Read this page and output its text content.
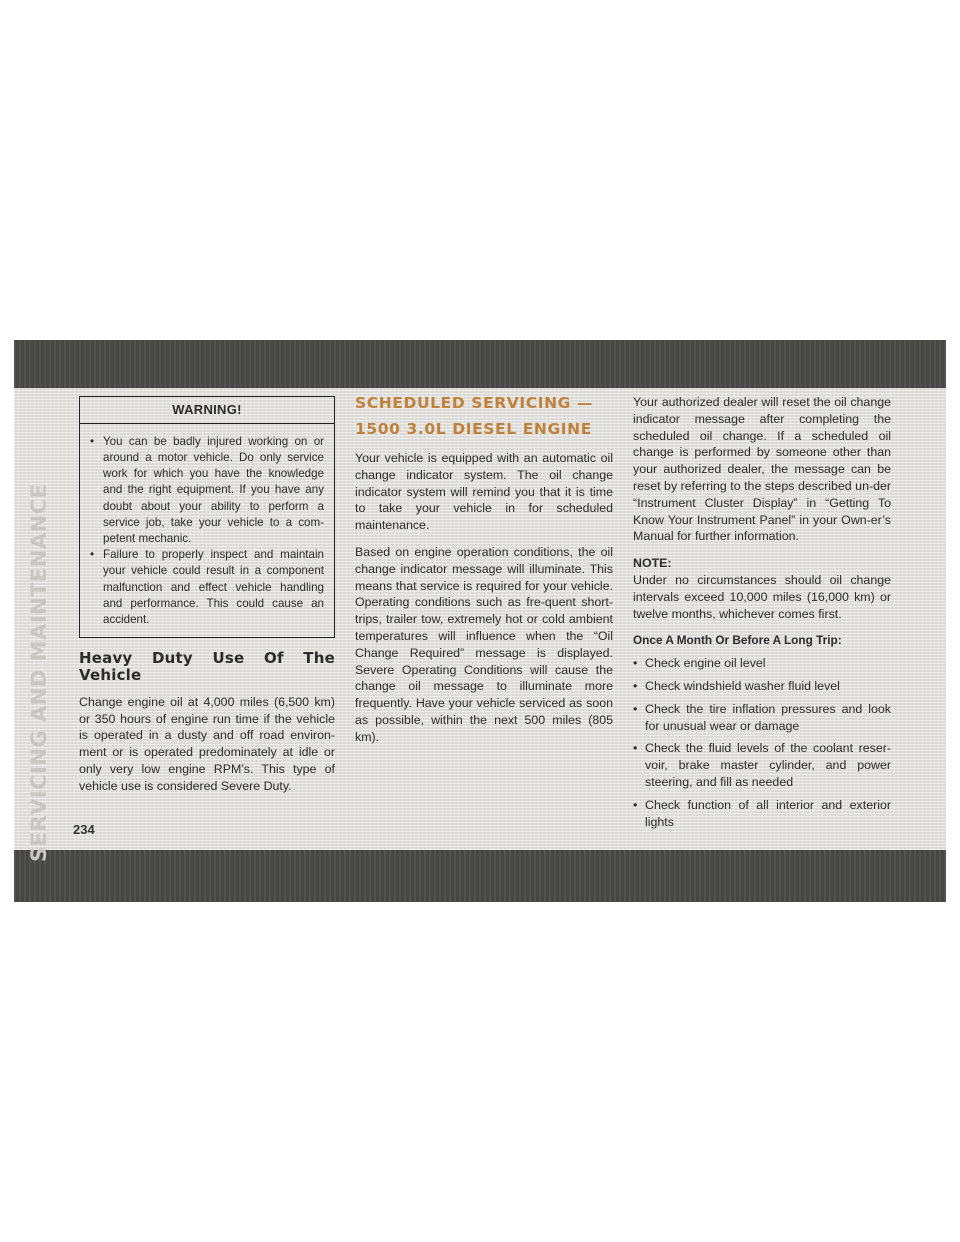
SERVICING AND MAINTENANCE	234
WARNING!
• You can be badly injured working on or around a motor vehicle. Do only service work for which you have the knowledge and the right equipment. If you have any doubt about your ability to perform a service job, take your vehicle to a com-petent mechanic.
• Failure to properly inspect and maintain your vehicle could result in a component malfunction and effect vehicle handling and performance. This could cause an accident.
Heavy Duty Use Of The Vehicle

Change engine oil at 4,000 miles (6,500 km) or 350 hours of engine run time if the vehicle is operated in a dusty and off road environ-ment or is operated predominately at idle or only very low engine RPM’s. This type of vehicle use is considered Severe Duty.

SCHEDULED SERVICING — 1500 3.0L DIESEL ENGINE

Your vehicle is equipped with an automatic oil change indicator system. The oil change indicator system will remind you that it is time to take your vehicle in for scheduled maintenance.

Based on engine operation conditions, the oil change indicator message will illuminate. This means that service is required for your vehicle. Operating conditions such as fre-quent short-trips, trailer tow, extremely hot or cold ambient temperatures will influence when the “Oil Change Required” message is displayed. Severe Operating Conditions will cause the change oil message to illuminate more frequently. Have your vehicle serviced as soon as possible, within the next 500 miles (805 km).

Your authorized dealer will reset the oil change indicator message after completing the scheduled oil change. If a scheduled oil change is performed by someone other than your authorized dealer, the message can be reset by referring to the steps described un-der “Instrument Cluster Display” in “Getting To Know Your Instrument Panel” in your Own-er’s Manual for further information.

NOTE:

Under no circumstances should oil change intervals exceed 10,000 miles (16,000 km) or twelve months, whichever comes first.

Once A Month Or Before A Long Trip:
• Check engine oil level
• Check windshield washer fluid level
• Check the tire inflation pressures and look for unusual wear or damage
• Check the fluid levels of the coolant reser-voir, brake master cylinder, and power steering, and fill as needed
• Check function of all interior and exterior lights
